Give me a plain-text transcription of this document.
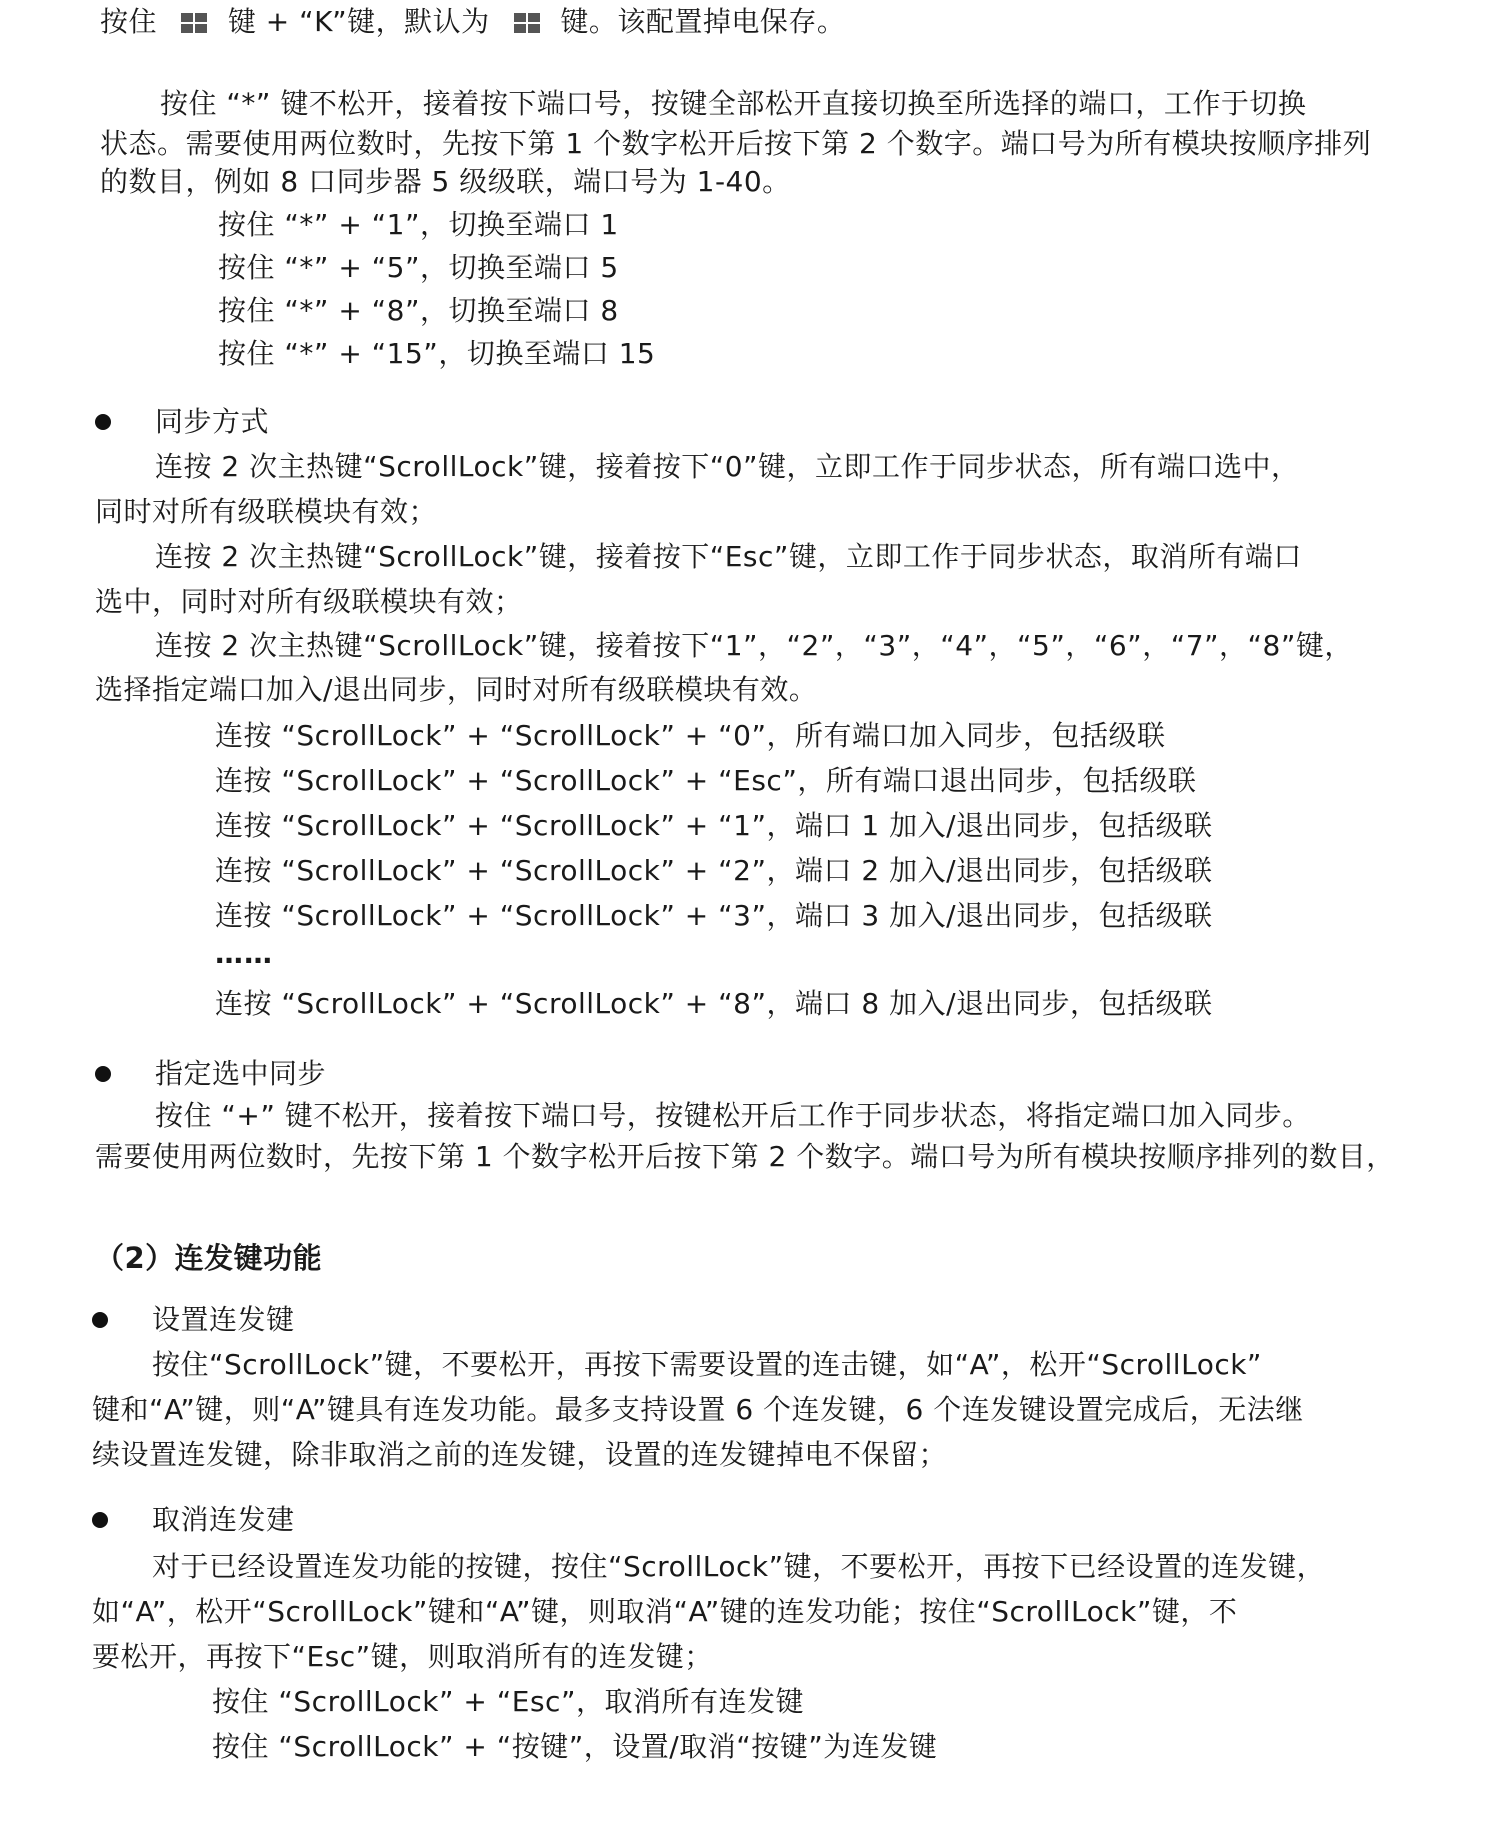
按住	键 + “K”键，默认为	键。该配置掉电保存。
按住 “*” 键不松开，接着按下端口号，按键全部松开直接切换至所选择的端口，工作于切换
状态。需要使用两位数时，先按下第 1 个数字松开后按下第 2 个数字。端口号为所有模块按顺序排列
的数目，例如 8 口同步器 5 级级联，端口号为 1-40。
按住 “*” + “1”，切换至端口 1
按住 “*” + “5”，切换至端口 5
按住 “*” + “8”，切换至端口 8
按住 “*” + “15”，切换至端口 15
同步方式
连按 2 次主热键“ScrollLock”键，接着按下“0”键，立即工作于同步状态，所有端口选中，
同时对所有级联模块有效；
连按 2 次主热键“ScrollLock”键，接着按下“Esc”键，立即工作于同步状态，取消所有端口
选中，同时对所有级联模块有效；
连按 2 次主热键“ScrollLock”键，接着按下“1”，“2”，“3”，“4”，“5”，“6”，“7”，“8”键，
选择指定端口加入/退出同步，同时对所有级联模块有效。
连按 “ScrollLock” + “ScrollLock” + “0”，所有端口加入同步，包括级联
连按 “ScrollLock” + “ScrollLock” + “Esc”，所有端口退出同步，包括级联
连按 “ScrollLock” + “ScrollLock” + “1”，端口 1 加入/退出同步，包括级联
连按 “ScrollLock” + “ScrollLock” + “2”，端口 2 加入/退出同步，包括级联
连按 “ScrollLock” + “ScrollLock” + “3”，端口 3 加入/退出同步，包括级联
……
连按 “ScrollLock” + “ScrollLock” + “8”，端口 8 加入/退出同步，包括级联
指定选中同步
按住 “+” 键不松开，接着按下端口号，按键松开后工作于同步状态，将指定端口加入同步。
需要使用两位数时，先按下第 1 个数字松开后按下第 2 个数字。端口号为所有模块按顺序排列的数目，
（2）连发键功能
设置连发键
按住“ScrollLock”键，不要松开，再按下需要设置的连击键，如“A”，松开“ScrollLock”
键和“A”键，则“A”键具有连发功能。最多支持设置 6 个连发键，6 个连发键设置完成后，无法继
续设置连发键，除非取消之前的连发键，设置的连发键掉电不保留；
取消连发建
对于已经设置连发功能的按键，按住“ScrollLock”键，不要松开，再按下已经设置的连发键，
如“A”，松开“ScrollLock”键和“A”键，则取消“A”键的连发功能；按住“ScrollLock”键，不
要松开，再按下“Esc”键，则取消所有的连发键；
按住 “ScrollLock” + “Esc”，取消所有连发键
按住 “ScrollLock” + “按键”，设置/取消“按键”为连发键
